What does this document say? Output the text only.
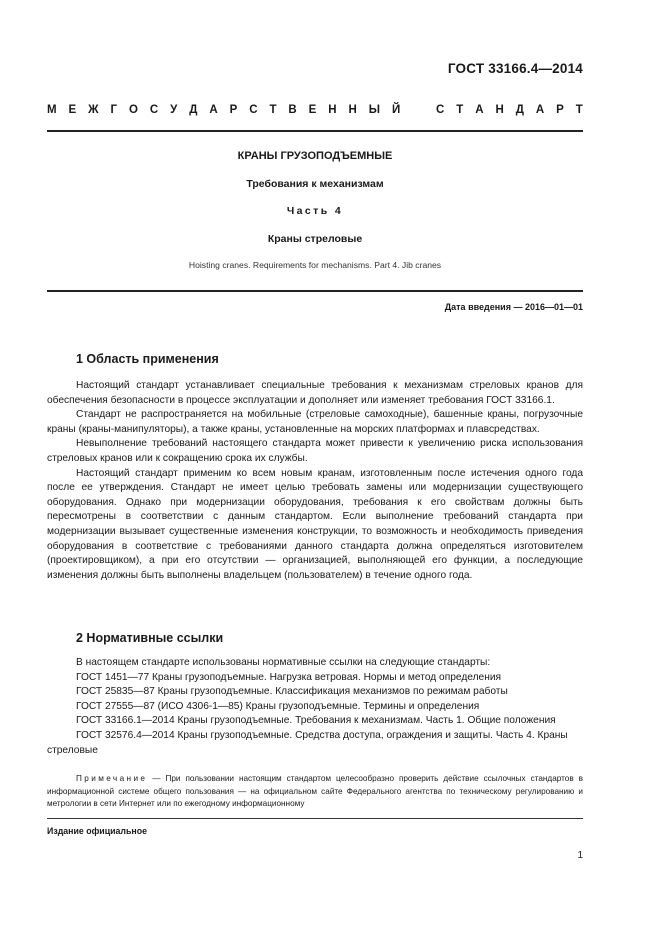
ГОСТ 33166.4—2014
М Е Ж Г О С У Д А Р С Т В Е Н Н Ы Й	С Т А Н Д А Р Т
КРАНЫ ГРУЗОПОДЪЕМНЫЕ
Требования к механизмам
Часть 4
Краны стреловые
Hoisting cranes. Requirements for mechanisms. Part 4. Jib cranes
Дата введения — 2016—01—01
1 Область применения

Настоящий стандарт устанавливает специальные требования к механизмам стреловых кранов для обеспечения безопасности в процессе эксплуатации и дополняет или изменяет требования ГОСТ 33166.1.

Стандарт не распространяется на мобильные (стреловые самоходные), башенные краны, погрузочные краны (краны-манипуляторы), а также краны, установленные на морских платформах и плавсредствах.

Невыполнение требований настоящего стандарта может привести к увеличению риска использования стреловых кранов или к сокращению срока их службы.

Настоящий стандарт применим ко всем новым кранам, изготовленным после истечения одного года после ее утверждения. Стандарт не имеет целью требовать замены или модернизации существующего оборудования. Однако при модернизации оборудования, требования к его свойствам должны быть пересмотрены в соответствии с данным стандартом. Если выполнение требований стандарта при модернизации вызывает существенные изменения конструкции, то возможность и необходимость приведения оборудования в соответствие с требованиями данного стандарта должна определяться изготовителем (проектировщиком), а при его отсутствии — организацией, выполняющей его функции, а последующие изменения должны быть выполнены владельцем (пользователем) в течение одного года.

2 Нормативные ссылки

В настоящем стандарте использованы нормативные ссылки на следующие стандарты:

ГОСТ 1451—77 Краны грузоподъемные. Нагрузка ветровая. Нормы и метод определения

ГОСТ 25835—87 Краны грузоподъемные. Классификация механизмов по режимам работы

ГОСТ 27555—87 (ИСО 4306-1—85) Краны грузоподъемные. Термины и определения

ГОСТ 33166.1—2014 Краны грузоподъемные. Требования к механизмам. Часть 1. Общие положения

ГОСТ 32576.4—2014 Краны грузоподъемные. Средства доступа, ограждения и защиты. Часть 4. Краны стреловые

Примечание — При пользовании настоящим стандартом целесообразно проверить действие ссылочных стандартов в информационной системе общего пользования — на официальном сайте Федерального агентства по техническому регулированию и метрологии в сети Интернет или по ежегодному информационному
Издание официальное
1
